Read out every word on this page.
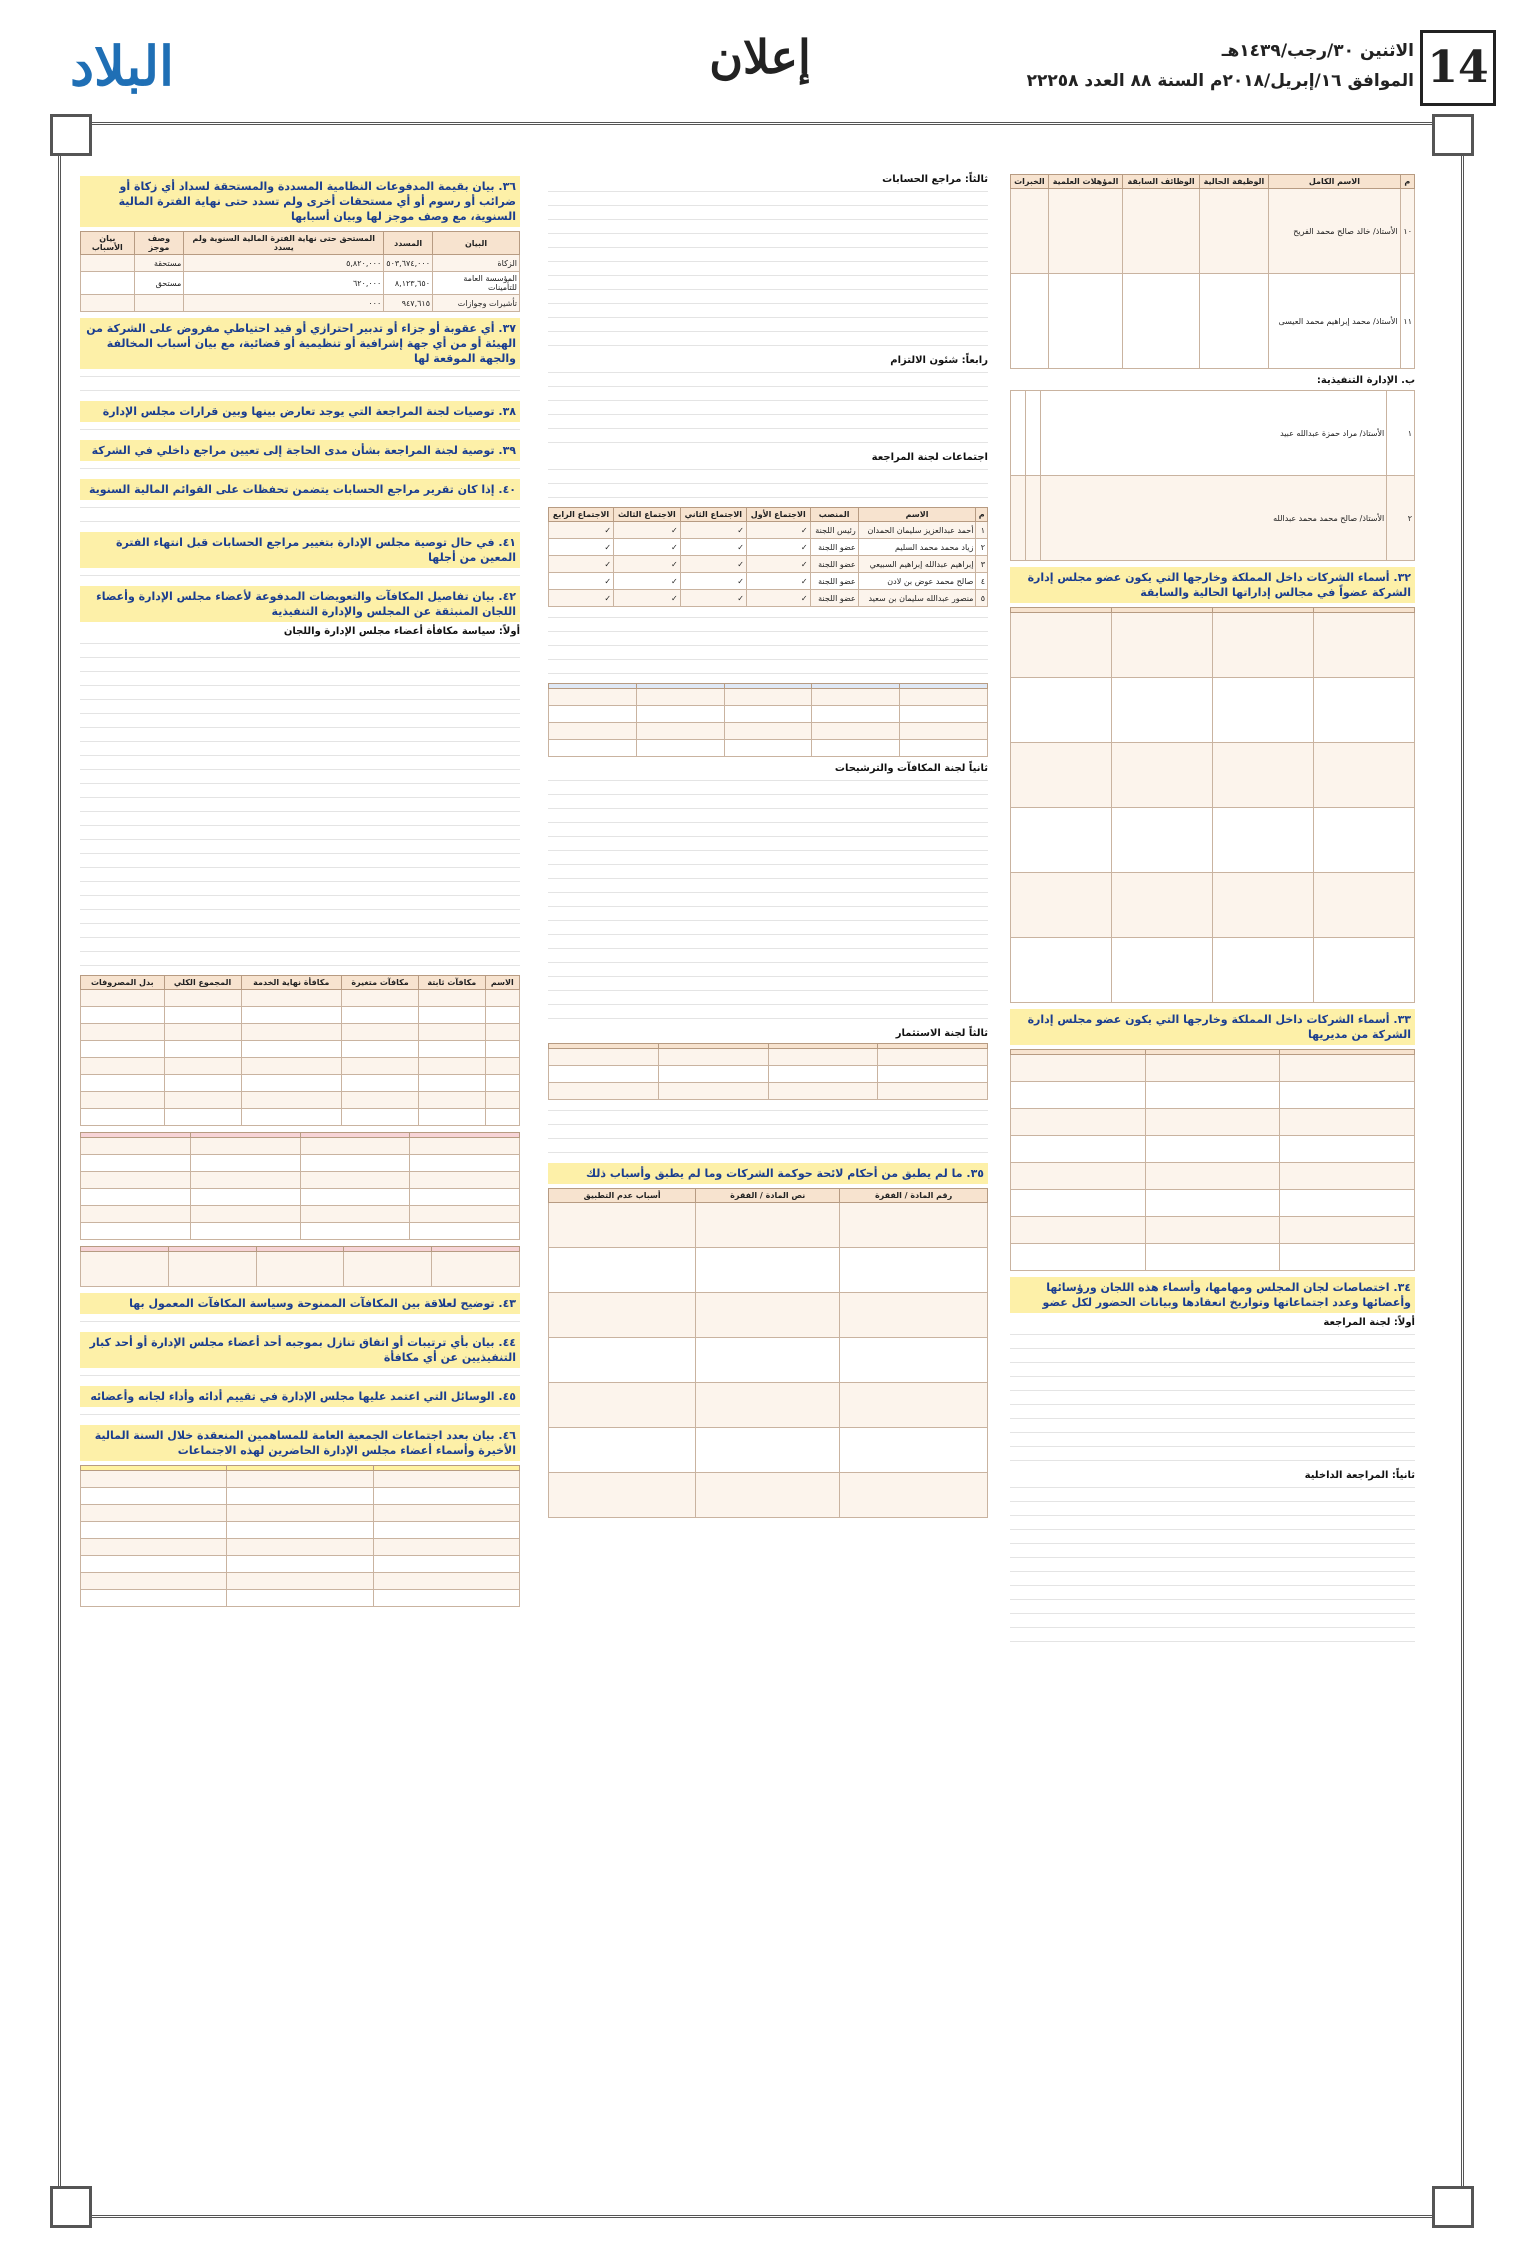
14
الاثنين ٣٠/رجب/١٤٣٩هـ
الموافق ١٦/إبريل/٢٠١٨م السنة ٨٨ العدد ٢٢٢٥٨
إعلان
البلاد
م	الاسم الكامل	الوظيفة الحالية	الوظائف السابقة	المؤهلات العلمية	الخبرات
١٠	الأستاذ/ خالد صالح محمد الفريح				
١١	الأستاذ/ محمد إبراهيم محمد العيسى				
ب. الإدارة التنفيذية:
١	الأستاذ/ مراد حمزة عبدالله عبيد		
٢	الأستاذ/ صالح محمد محمد عبدالله		
٣٢. أسماء الشركات داخل المملكة وخارجها التي يكون عضو مجلس إدارة الشركة عضواً في مجالس إداراتها الحالية والسابقة

٣٣. أسماء الشركات داخل المملكة وخارجها التي يكون عضو مجلس إدارة الشركة من مديريها

٣٤. اختصاصات لجان المجلس ومهامها، وأسماء هذه اللجان ورؤسائها وأعضائها وعدد اجتماعاتها وتواريخ انعقادها وبيانات الحضور لكل عضو
أولاً: لجنة المراجعة
ثانياً: المراجعة الداخلية
ثالثاً: مراجع الحسابات
رابعاً: شئون الالتزام
اجتماعات لجنة المراجعة
م	الاسم	المنصب	الاجتماع الأول	الاجتماع الثاني	الاجتماع الثالث	الاجتماع الرابع
١	أحمد عبدالعزيز سليمان الحمدان	رئيس اللجنة	✓	✓	✓	✓
٢	زياد محمد محمد السليم	عضو اللجنة	✓	✓	✓	✓
٣	إبراهيم عبدالله إبراهيم السبيعي	عضو اللجنة	✓	✓	✓	✓
٤	صالح محمد عوض بن لادن	عضو اللجنة	✓	✓	✓	✓
٥	منصور عبدالله سليمان بن سعيد	عضو اللجنة	✓	✓	✓	✓

ثانياً لجنة المكافآت والترشيحات
ثالثاً لجنة الاستثمار

٣٥. ما لم يطبق من أحكام لائحة حوكمة الشركات وما لم يطبق وأسباب ذلك
رقم المادة / الفقرة	نص المادة / الفقرة	أسباب عدم التطبيق

٣٦. بيان بقيمة المدفوعات النظامية المسددة والمستحقة لسداد أي زكاة أو ضرائب أو رسوم أو أي مستحقات أخرى ولم تسدد حتى نهاية الفترة المالية السنوية، مع وصف موجز لها وبيان أسبابها
البيان	المسدد	المستحق حتى نهاية الفترة المالية السنوية ولم يسدد	وصف موجز	بيان الأسباب
الزكاة	٥٠٣,٦٧٤,٠٠٠	٥,٨٢٠,٠٠٠	مستحقة	
المؤسسة العامة للتأمينات	٨,١٢٣,٦٥٠	٦٢٠,٠٠٠	مستحق	
تأشيرات وجوازات	٩٤٧,٦١٥	٠٠٠		
٣٧. أي عقوبة أو جزاء أو تدبير احترازي أو قيد احتياطي مفروض على الشركة من الهيئة أو من أي جهة إشرافية أو تنظيمية أو قضائية، مع بيان أسباب المخالفة والجهة الموقعة لها
٣٨. توصيات لجنة المراجعة التي يوجد تعارض بينها وبين قرارات مجلس الإدارة
٣٩. توصية لجنة المراجعة بشأن مدى الحاجة إلى تعيين مراجع داخلي في الشركة
٤٠. إذا كان تقرير مراجع الحسابات يتضمن تحفظات على القوائم المالية السنوية
٤١. في حال توصية مجلس الإدارة بتغيير مراجع الحسابات قبل انتهاء الفترة المعين من أجلها
٤٢. بيان تفاصيل المكافآت والتعويضات المدفوعة لأعضاء مجلس الإدارة وأعضاء اللجان المنبثقة عن المجلس والإدارة التنفيذية
أولاً: سياسة مكافأة أعضاء مجلس الإدارة واللجان
الاسم	مكافآت ثابتة	مكافآت متغيرة	مكافأة نهاية الخدمة	المجموع الكلي	بدل المصروفات

٤٣. توضيح لعلاقة بين المكافآت الممنوحة وسياسة المكافآت المعمول بها
٤٤. بيان بأي ترتيبات أو اتفاق تنازل بموجبه أحد أعضاء مجلس الإدارة أو أحد كبار التنفيذيين عن أي مكافأة
٤٥. الوسائل التي اعتمد عليها مجلس الإدارة في تقييم أدائه وأداء لجانه وأعضائه
٤٦. بيان بعدد اجتماعات الجمعية العامة للمساهمين المنعقدة خلال السنة المالية الأخيرة وأسماء أعضاء مجلس الإدارة الحاضرين لهذه الاجتماعات
